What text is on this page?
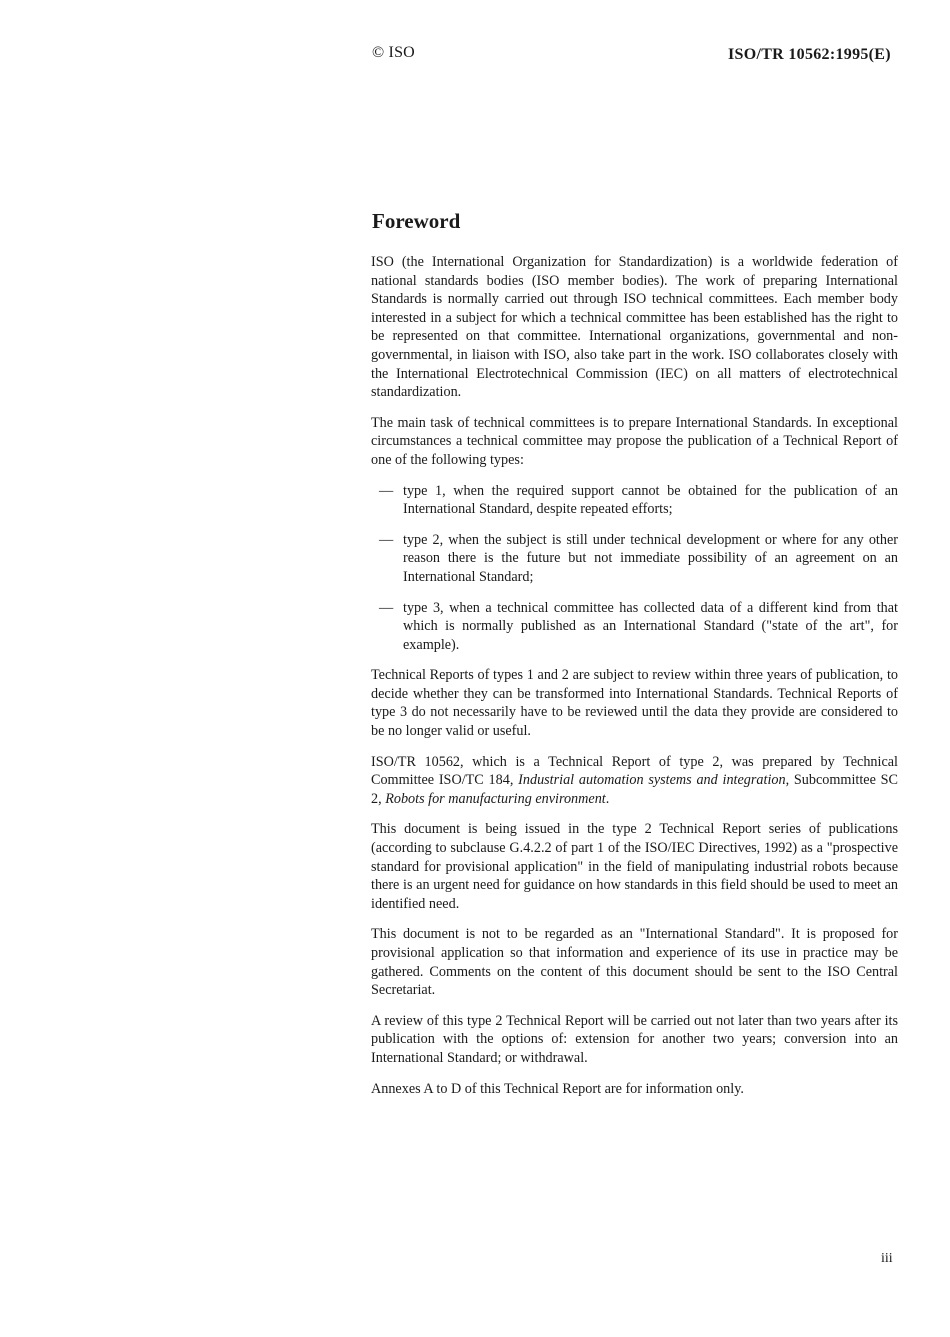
© ISO	ISO/TR 10562:1995(E)
Foreword

ISO (the International Organization for Standardization) is a worldwide federation of national standards bodies (ISO member bodies). The work of preparing International Standards is normally carried out through ISO technical committees. Each member body interested in a subject for which a technical committee has been established has the right to be represented on that committee. International organizations, governmental and non-governmental, in liaison with ISO, also take part in the work. ISO collaborates closely with the International Electrotechnical Commission (IEC) on all matters of electrotechnical standardization.

The main task of technical committees is to prepare International Standards. In exceptional circumstances a technical committee may propose the publication of a Technical Report of one of the following types:

— type 1, when the required support cannot be obtained for the publication of an International Standard, despite repeated efforts;
— type 2, when the subject is still under technical development or where for any other reason there is the future but not immediate possibility of an agreement on an International Standard;
— type 3, when a technical committee has collected data of a different kind from that which is normally published as an International Standard ("state of the art", for example).

Technical Reports of types 1 and 2 are subject to review within three years of publication, to decide whether they can be transformed into International Standards. Technical Reports of type 3 do not necessarily have to be reviewed until the data they provide are considered to be no longer valid or useful.

ISO/TR 10562, which is a Technical Report of type 2, was prepared by Technical Committee ISO/TC 184, Industrial automation systems and integration, Subcommittee SC 2, Robots for manufacturing environment.

This document is being issued in the type 2 Technical Report series of publications (according to subclause G.4.2.2 of part 1 of the ISO/IEC Directives, 1992) as a "prospective standard for provisional application" in the field of manipulating industrial robots because there is an urgent need for guidance on how standards in this field should be used to meet an identified need.

This document is not to be regarded as an "International Standard". It is proposed for provisional application so that information and experience of its use in practice may be gathered. Comments on the content of this document should be sent to the ISO Central Secretariat.

A review of this type 2 Technical Report will be carried out not later than two years after its publication with the options of: extension for another two years; conversion into an International Standard; or withdrawal.

Annexes A to D of this Technical Report are for information only.

iii
